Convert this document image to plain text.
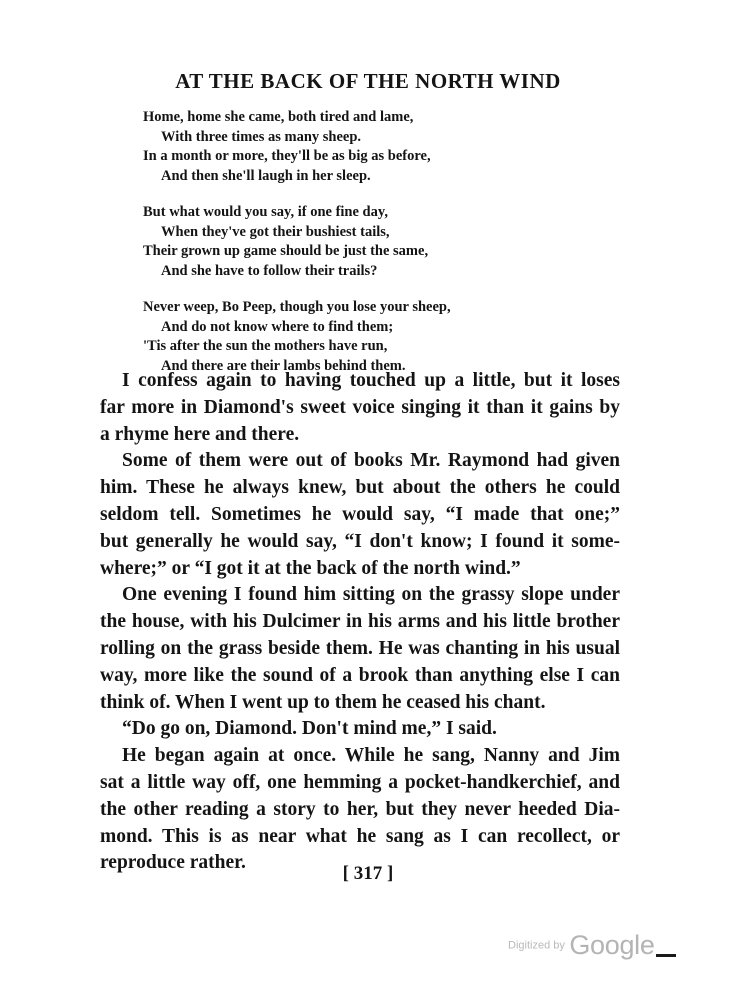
AT THE BACK OF THE NORTH WIND
Home, home she came, both tired and lame,
With three times as many sheep.
In a month or more, they'll be as big as before,
And then she'll laugh in her sleep.
But what would you say, if one fine day,
When they've got their bushiest tails,
Their grown up game should be just the same,
And she have to follow their trails?
Never weep, Bo Peep, though you lose your sheep,
And do not know where to find them;
'Tis after the sun the mothers have run,
And there are their lambs behind them.
I confess again to having touched up a little, but it loses
far more in Diamond's sweet voice singing it than it gains by
a rhyme here and there.
Some of them were out of books Mr. Raymond had given
him. These he always knew, but about the others he could
seldom tell. Sometimes he would say, “I made that one;”
but generally he would say, “I don't know; I found it some-
where;” or “I got it at the back of the north wind.”
One evening I found him sitting on the grassy slope under
the house, with his Dulcimer in his arms and his little brother
rolling on the grass beside them. He was chanting in his usual
way, more like the sound of a brook than anything else I can
think of. When I went up to them he ceased his chant.
“Do go on, Diamond. Don't mind me,” I said.
He began again at once. While he sang, Nanny and Jim
sat a little way off, one hemming a pocket-handkerchief, and
the other reading a story to her, but they never heeded Dia-
mond. This is as near what he sang as I can recollect, or
reproduce rather.
[ 317 ]
Digitized by Google
